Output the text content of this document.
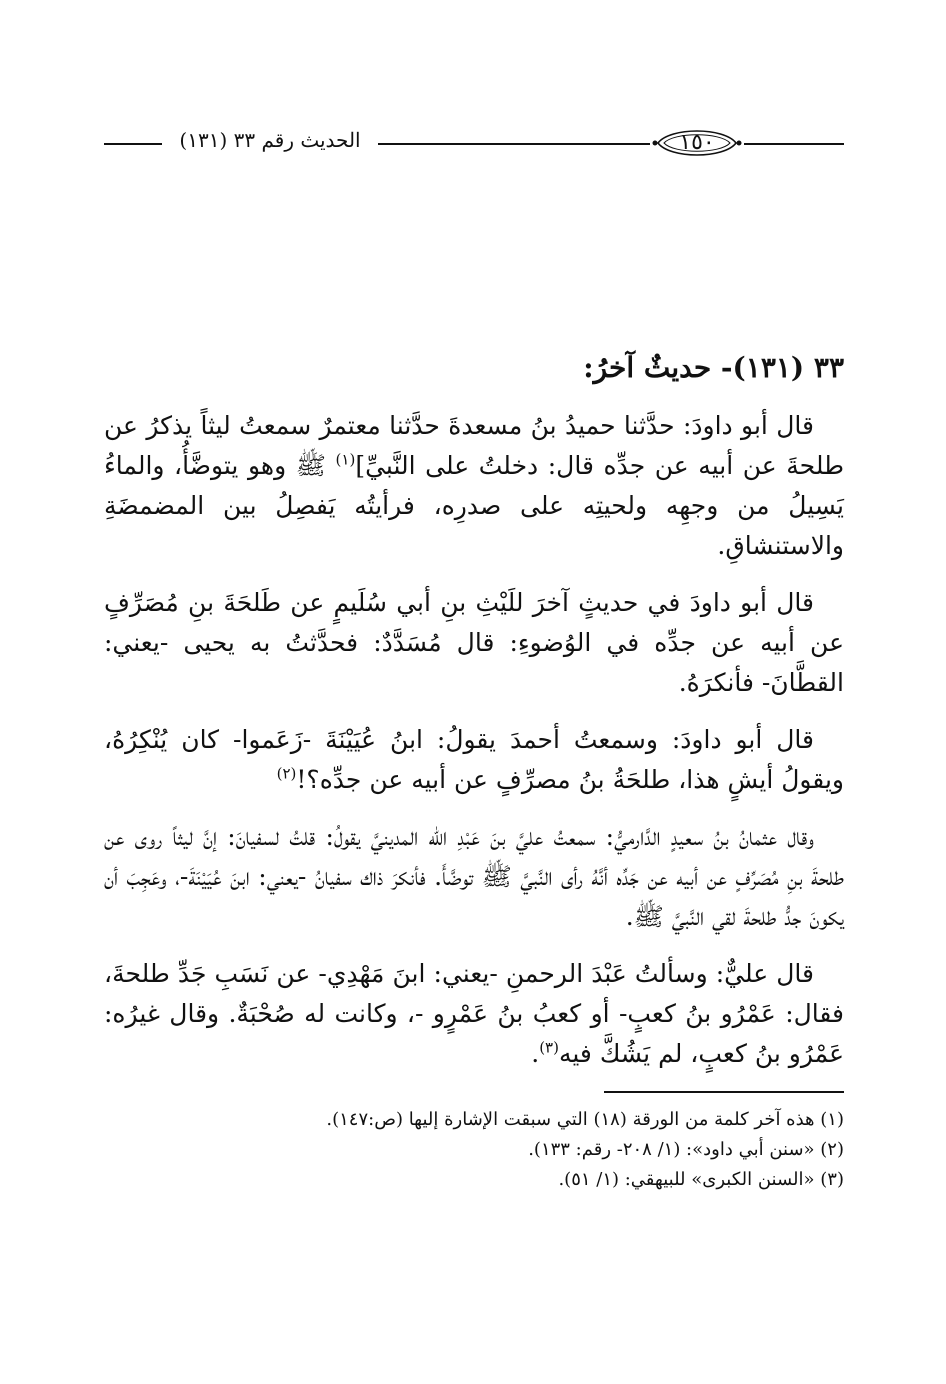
الحديث رقم ٣٣ (١٣١)	١٥٠
٣٣ (١٣١)- حديثٌ آخرُ:

قال أبو داودَ: حدَّثنا حميدُ بنُ مسعدةَ حدَّثنا معتمرٌ سمعتُ ليثاً يذكرُ عن طلحةَ عن أبيه عن جدِّه قال: دخلتُ على النَّبيِّ]$^{(١)}$ ﷺ وهو يتوضَّأُ، والماءُ يَسِيلُ من وجهِه ولحيتِه على صدرِه، فرأيتُه يَفصِلُ بين المضمضَةِ والاستنشاقِ.

قال أبو داودَ في حديثٍ آخرَ للَيْثِ بنِ أبي سُلَيمٍ عن طَلحَةَ بنِ مُصَرِّفٍ عن أبيه عن جدِّه في الوُضوءِ: قال مُسَدَّدٌ: فحدَّثتُ به يحيى -يعني: القطَّانَ- فأنكرَهُ.

قال أبو داودَ: وسمعتُ أحمدَ يقولُ: ابنُ عُيَيْنَةَ -زَعَموا- كان يُنْكِرُهُ، ويقولُ أيشٍ هذا، طلحَةُ بنُ مصرِّفٍ عن أبيه عن جدِّه؟!$^{(٢)}$

وقال عثمانُ بنُ سعيدٍ الدَّارميُّ: سمعتُ عليَّ بنَ عَبْدِ الله المدينيَّ يقولُ: قلتُ لسفيانَ: إنَّ ليثاً روى عن طلحةَ بنِ مُصَرِّفٍ عن أبيه عن جَدِّه أنَّهُ رأى النَّبيَّ ﷺ توضَّأَ. فأنكرَ ذاك سفيانُ -يعني: ابنَ عُيَيْنَةَ-، وعَجِبَ أن يكونَ جدُّ طلحةَ لقي النَّبيَّ ﷺ.

قال عليٌّ: وسألتُ عَبْدَ الرحمنِ -يعني: ابنَ مَهْدِي- عن نَسَبِ جَدِّ طلحةَ، فقال: عَمْرُو بنُ كعبٍ- أو كعبُ بنُ عَمْرٍو -، وكانت له صُحْبَةٌ. وقال غيرُه: عَمْرُو بنُ كعبٍ، لم يَشُكَّ فيه$^{(٣)}$.

(١) هذه آخر كلمة من الورقة (١٨) التي سبقت الإشارة إليها (ص:١٤٧).

(٢) «سنن أبي داود»: (١/ ٢٠٨- رقم: ١٣٣).

(٣) «السنن الكبرى» للبيهقي: (١/ ٥١).
